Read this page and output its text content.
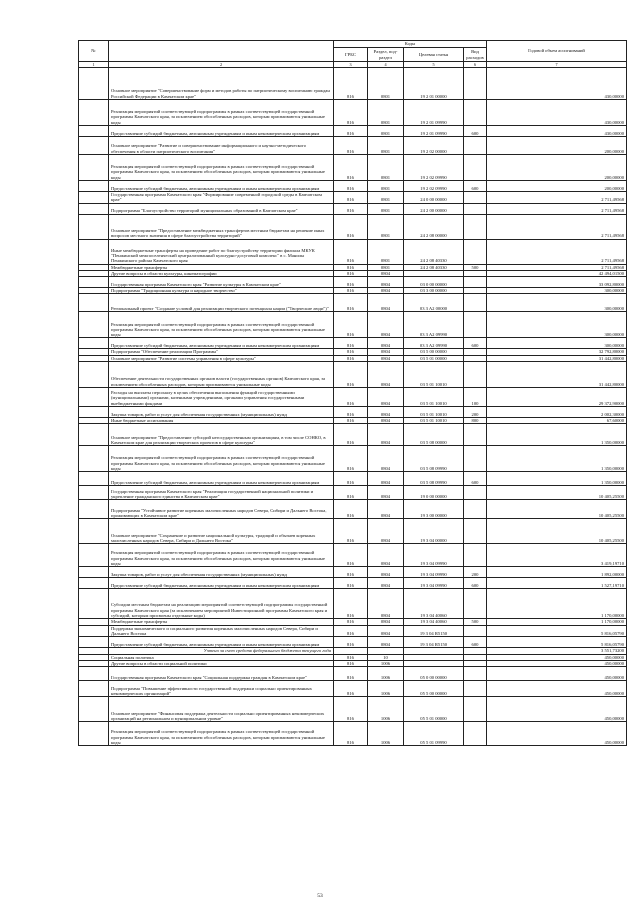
№		Коды				Годовой объем ассигнований
		ГРБС	Раздел, под-раздел	Целевая статья	Вид расходов	
1	2	3	4	5	6	7
	Основное мероприятие "Совершенствование форм и методов работы по патриотическому воспитанию граждан Российской Федерации в Камчатском крае"	816	0801	19 2 01 00000		430,00000
	Реализация мероприятий соответствующей подпрограммы в рамках соответствующей государственной программы Камчатского края, за исключением обособленных расходов, которым присваиваются уникальные коды	816	0801	19 2 01 09990		430,00000
	Предоставление субсидий бюджетным, автономным учреждениям и иным некоммерческим организациям	816	0801	19 2 01 09990	600	430,00000
	Основное мероприятие "Развитие и совершенствование информационного и научно-методического обеспечения в области патриотического воспитания"	816	0801	19 2 02 00000		200,00000
	Реализация мероприятий соответствующей подпрограммы в рамках соответствующей государственной программы Камчатского края, за исключением обособленных расходов, которым присваиваются уникальные коды	816	0801	19 2 02 09990		200,00000
	Предоставление субсидий бюджетным, автономным учреждениям и иным некоммерческим организациям	816	0801	19 2 02 09990	600	200,00000
	Государственная программа Камчатского края "Формирование современной городской среды в Камчатском крае"	816	0801	24 0 00 00000		2 711,49568
	Подпрограмма "Благоустройство территорий муниципальных образований в Камчатском крае"	816	0801	24 2 00 00000		2 711,49568
	Основное мероприятие "Предоставление межбюджетных трансфертов местным бюджетам на решение иных вопросов местного значения в сфере благоустройства территорий"	816	0801	24 2 08 00000		2 711,49568
	Иные межбюджетные трансферты на проведение работ по благоустройству территории филиала МКУК "Пенжинский межпоселенческий централизованный культурно-досуговый комплекс" в с. Манилы Пенжинского района Камчатского края	816	0801	24 2 08 40330		2 711,49568
	Межбюджетные трансферты	816	0801	24 2 08 40330	500	2 711,49568
	Другие вопросы в области культуры, кинематографии	816	0804			42 494,01500
	Государственная программа Камчатского края "Развитие культуры в Камчатском крае"	816	0804	03 0 00 00000		33 092,80000
	Подпрограмма "Традиционная культура и народное творчество"	816	0804	03 3 00 00000		300,00000
	Региональный проект "Создание условий для реализации творческого потенциала нации ("Творческие люди")"	816	0804	03 3 A2 00000		300,00000
	Реализация мероприятий соответствующей подпрограммы в рамках соответствующей государственной программы Камчатского края, за исключением обособленных расходов, которым присваиваются уникальные коды	816	0804	03 3 A2 09990		300,00000
	Предоставление субсидий бюджетным, автономным учреждениям и иным некоммерческим организациям	816	0804	03 3 A2 09990	600	300,00000
	Подпрограмма "Обеспечение реализации Программы"	816	0804	03 5 00 00000		32 792,80000
	Основное мероприятие "Развитие системы управления в сфере культуры"	816	0804	03 5 01 00000		31 442,80000
	Обеспечение деятельности государственных органов власти (государственных органов) Камчатского края, за исключением обособленных расходов, которым присваиваются уникальные коды	816	0804	03 5 01 10010		31 442,80000
	Расходы на выплаты персоналу в целях обеспечения выполнения функций государственными (муниципальными) органами, казенными учреждениями, органами управления государственными внебюджетными фондами	816	0804	03 5 01 10010	100	29 372,90000
	Закупка товаров, работ и услуг для обеспечения государственных (муниципальных) нужд	816	0804	03 5 01 10010	200	2 002,30000
	Иные бюджетные ассигнования	816	0804	03 5 01 10010	800	67,60000
	Основное мероприятие "Предоставление субсидий негосударственным организациям, в том числе СОНКО, в Камчатском крае для реализации творческих проектов в сфере культуры"	816	0804	03 5 08 00000		1 350,00000
	Реализация мероприятий соответствующей подпрограммы в рамках соответствующей государственной программы Камчатского края, за исключением обособленных расходов, которым присваиваются уникальные коды	816	0804	03 5 08 09990		1 350,00000
	Предоставление субсидий бюджетным, автономным учреждениям и иным некоммерческим организациям	816	0804	03 5 08 09990	600	1 350,00000
	Государственная программа Камчатского края "Реализация государственной национальной политики и укрепление гражданского единства в Камчатском крае"	816	0804	19 0 00 00000		10 405,25500
	Подпрограмма "Устойчивое развитие коренных малочисленных народов Севера, Сибири и Дальнего Востока, проживающих в Камчатском крае"	816	0804	19 3 00 00000		10 405,25500
	Основное мероприятие "Сохранение и развитие национальной культуры, традиций и обычаев коренных малочисленных народов Севера, Сибири и Дальнего Востока"	816	0804	19 3 04 00000		10 405,25500
	Реализация мероприятий соответствующей подпрограммы в рамках соответствующей государственной программы Камчатского края, за исключением обособленных расходов, которым присваиваются уникальные коды	816	0804	19 3 04 09990		3 419,19710
	Закупка товаров, работ и услуг для обеспечения государственных (муниципальных) нужд	816	0804	19 3 04 09990	200	1 892,00000
	Предоставление субсидий бюджетным, автономным учреждениям и иным некоммерческим организациям	816	0804	19 3 04 09990	600	1 527,19710
	Субсидии местным бюджетам на реализацию мероприятий соответствующей подпрограммы государственной программы Камчатского края (за исключением мероприятий Инвестиционной программы Камчатского края и субсидий, которым присвоены отдельные коды)	816	0804	19 3 04 40060		1 170,00000
	Межбюджетные трансферты	816	0804	19 3 04 40060	500	1 170,00000
	Поддержка экономического и социального развития коренных малочисленных народов Севера, Сибири и Дальнего Востока	816	0804	19 3 04 R5150		5 816,05790
	Предоставление субсидий бюджетным, автономным учреждениям и иным некоммерческим организациям	816	0804	19 3 04 R5150	600	5 816,05790
	Учтено за счет средств федерального бюджета текущего года					3 551,73200
	Социальная политика	816	10			450,00000
	Другие вопросы в области социальной политики	816	1006			450,00000
	Государственная программа Камчатского края "Социальная поддержка граждан в Камчатском крае"	816	1006	05 0 00 00000		450,00000
	Подпрограмма "Повышение эффективности государственной поддержки социально ориентированных некоммерческих организаций"	816	1006	05 5 00 00000		450,00000
	Основное мероприятие "Финансовая поддержка деятельности социально ориентированных некоммерческих организаций на региональном и муниципальном уровне"	816	1006	05 5 01 00000		450,00000
	Реализация мероприятий соответствующей подпрограммы в рамках соответствующей государственной программы Камчатского края, за исключением обособленных расходов, которым присваиваются уникальные коды	816	1006	05 5 01 09990		450,00000
53
